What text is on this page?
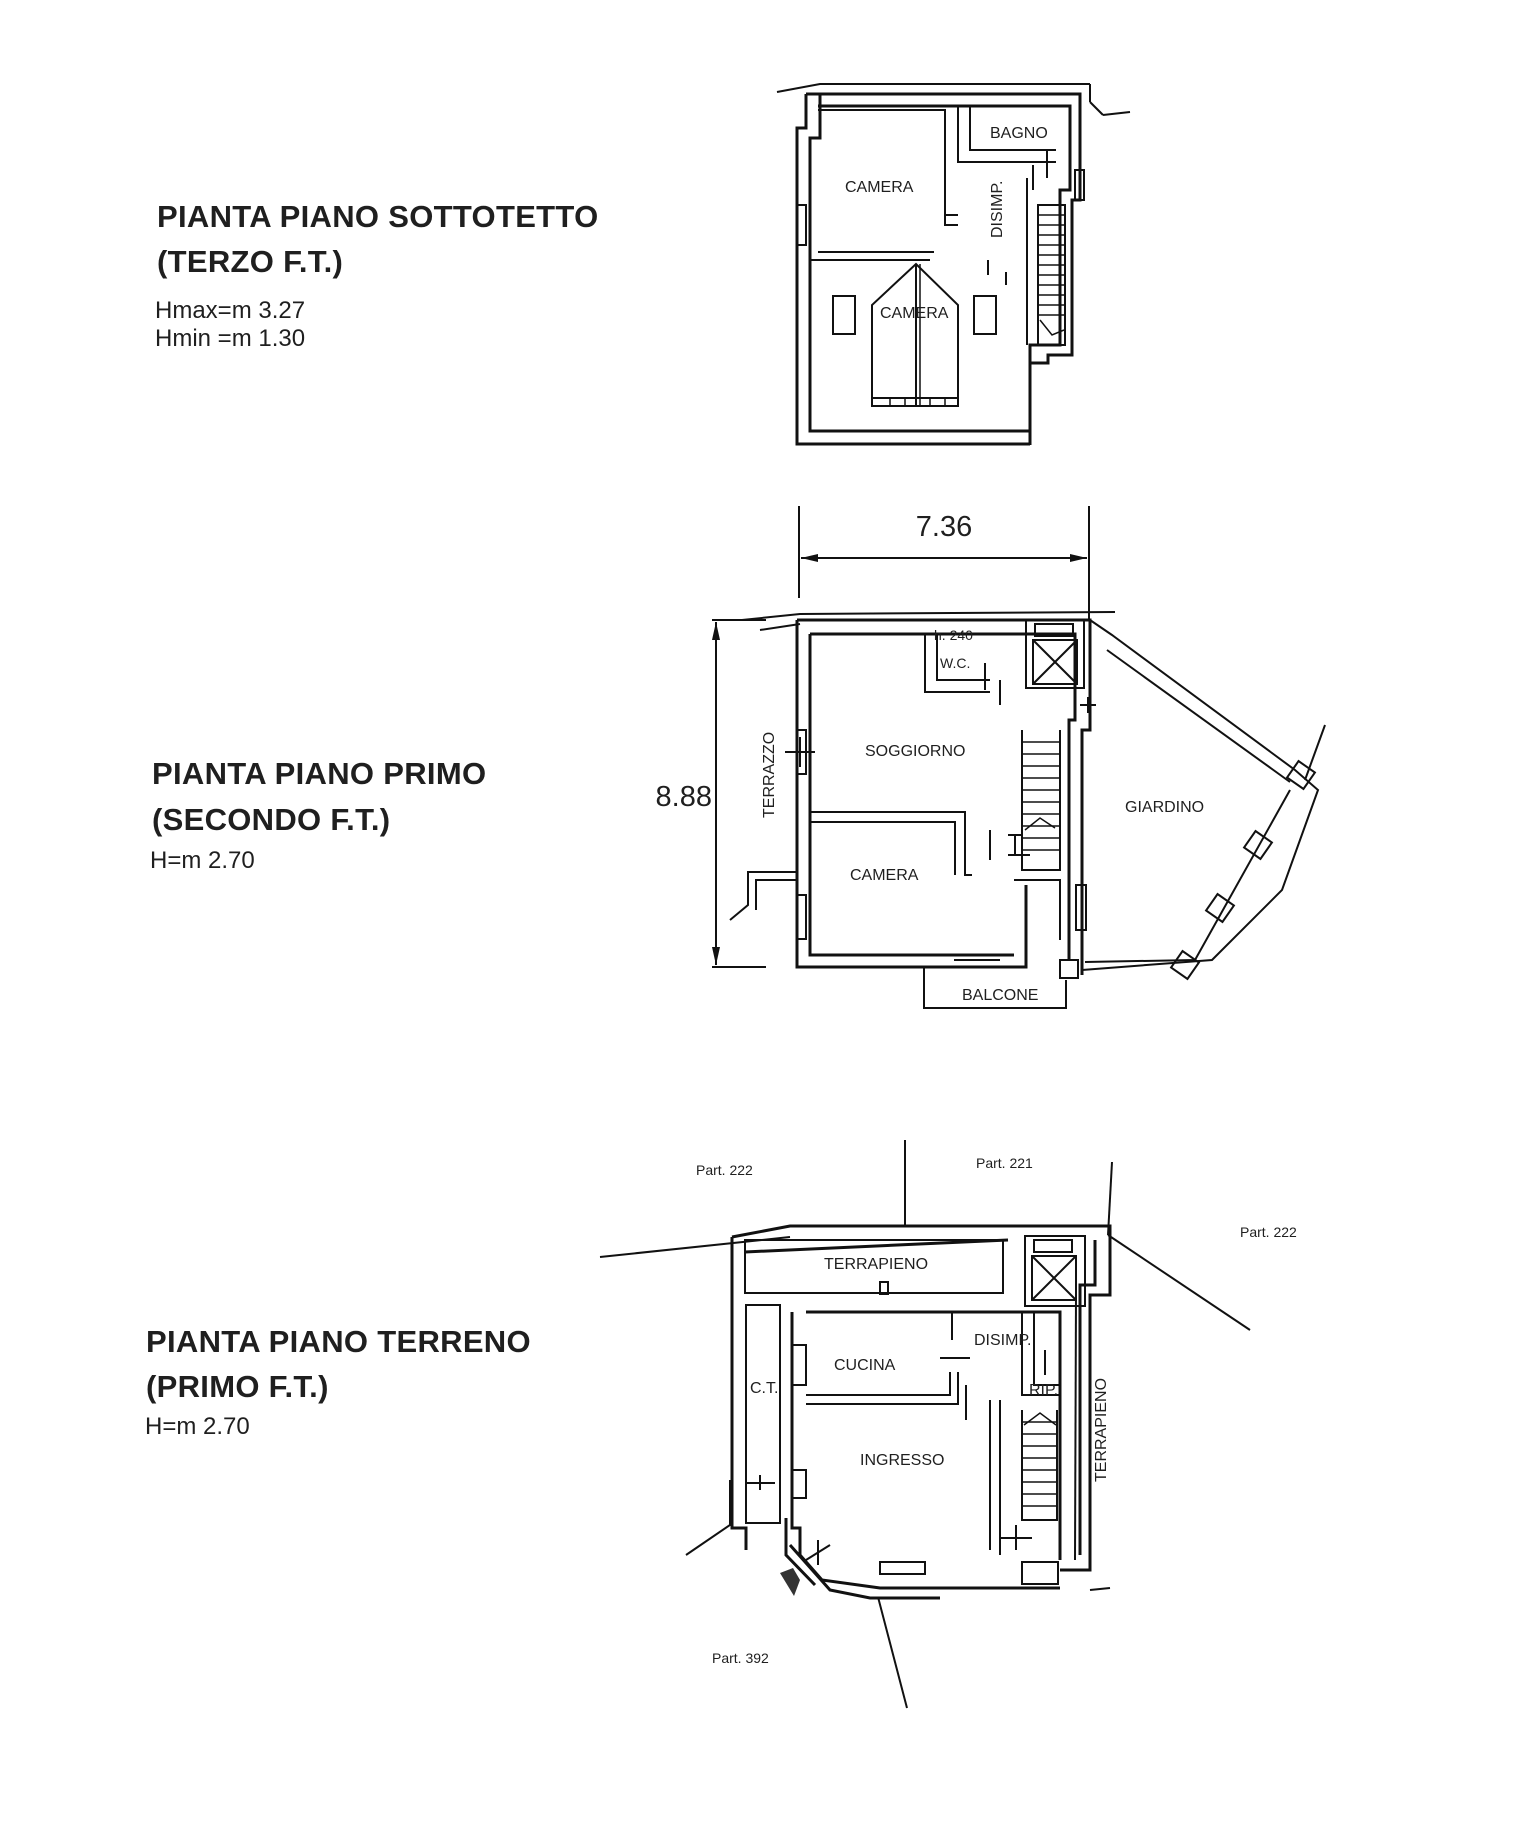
PIANTA PIANO SOTTOTETTO
(TERZO F.T.)
Hmax=m 3.27
Hmin =m 1.30
CAMERA
BAGNO
DISIMP.
CAMERA
PIANTA PIANO PRIMO
(SECONDO F.T.)
H=m 2.70
7.36
8.88
SOGGIORNO
CAMERA
h. 240
W.C.
TERRAZZO	GIARDINO
BALCONE
PIANTA PIANO TERRENO
(PRIMO F.T.)
H=m 2.70
TERRAPIENO
CUCINA
DISIMP.
RIP.
C.T.
INGRESSO	TERRAPIENO
Part. 222	Part. 221
Part. 222
Part. 392
